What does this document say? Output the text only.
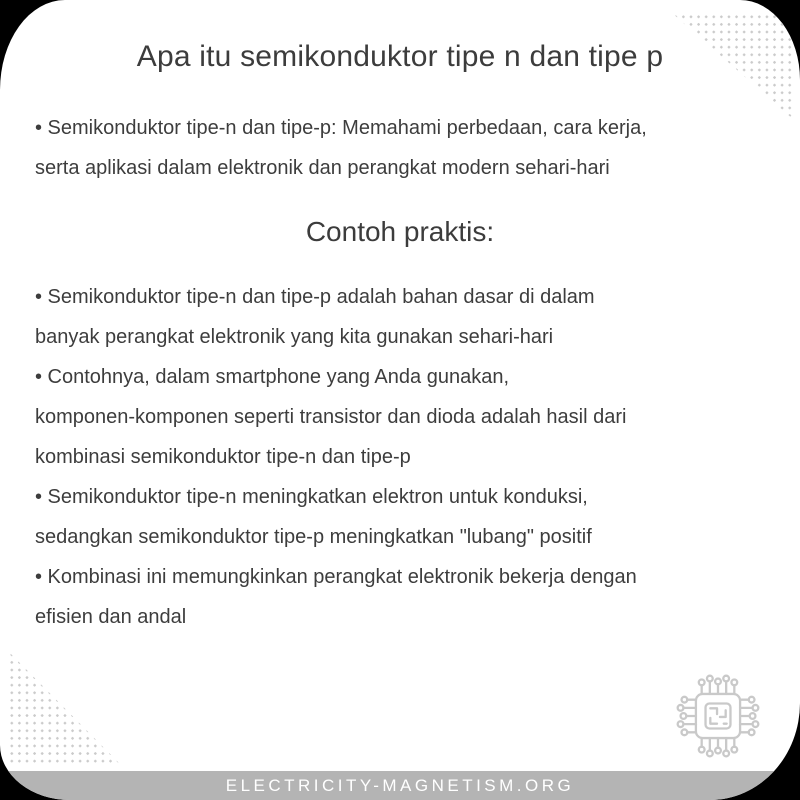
Apa itu semikonduktor tipe n dan tipe p
• Semikonduktor tipe-n dan tipe-p: Memahami perbedaan, cara kerja,
serta aplikasi dalam elektronik dan perangkat modern sehari-hari
Contoh praktis:
• Semikonduktor tipe-n dan tipe-p adalah bahan dasar di dalam
banyak perangkat elektronik yang kita gunakan sehari-hari
• Contohnya, dalam smartphone yang Anda gunakan,
komponen-komponen seperti transistor dan dioda adalah hasil dari
kombinasi semikonduktor tipe-n dan tipe-p
• Semikonduktor tipe-n meningkatkan elektron untuk konduksi,
sedangkan semikonduktor tipe-p meningkatkan "lubang" positif
• Kombinasi ini memungkinkan perangkat elektronik bekerja dengan
efisien dan andal
ELECTRICITY-MAGNETISM.ORG
